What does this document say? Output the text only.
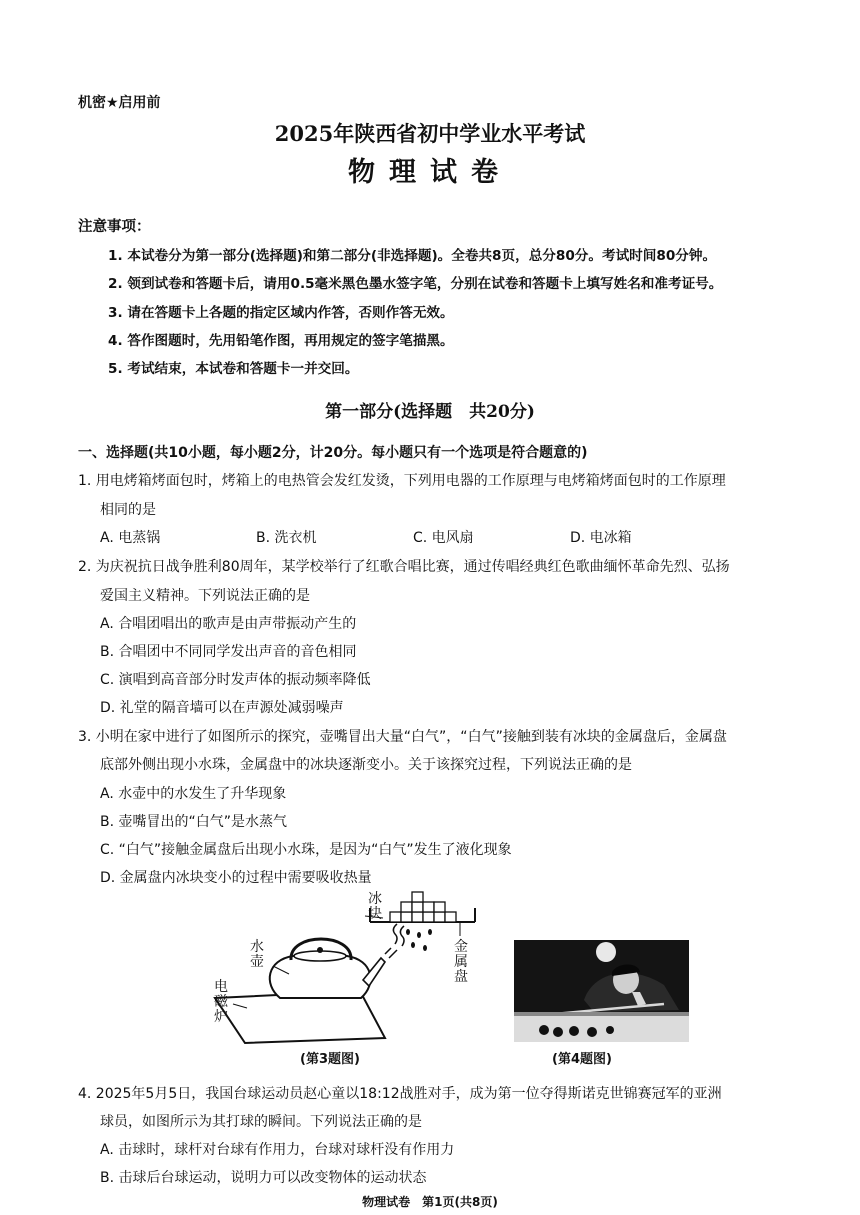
机密★启用前
2025年陕西省初中学业水平考试
物理试卷
注意事项：
1. 本试卷分为第一部分(选择题)和第二部分(非选择题)。全卷共8页，总分80分。考试时间80分钟。
2. 领到试卷和答题卡后，请用0.5毫米黑色墨水签字笔，分别在试卷和答题卡上填写姓名和准考证号。
3. 请在答题卡上各题的指定区域内作答，否则作答无效。
4. 答作图题时，先用铅笔作图，再用规定的签字笔描黑。
5. 考试结束，本试卷和答题卡一并交回。
第一部分(选择题　共20分)
一、选择题(共10小题，每小题2分，计20分。每小题只有一个选项是符合题意的)
1. 用电烤箱烤面包时，烤箱上的电热管会发红发烫，下列用电器的工作原理与电烤箱烤面包时的工作原理
相同的是
A. 电蒸锅	B. 洗衣机	C. 电风扇	D. 电冰箱
2. 为庆祝抗日战争胜利80周年，某学校举行了红歌合唱比赛，通过传唱经典红色歌曲缅怀革命先烈、弘扬
爱国主义精神。下列说法正确的是
A. 合唱团唱出的歌声是由声带振动产生的
B. 合唱团中不同同学发出声音的音色相同
C. 演唱到高音部分时发声体的振动频率降低
D. 礼堂的隔音墙可以在声源处减弱噪声
3. 小明在家中进行了如图所示的探究，壶嘴冒出大量“白气”，“白气”接触到装有冰块的金属盘后，金属盘
底部外侧出现小水珠，金属盘中的冰块逐渐变小。关于该探究过程，下列说法正确的是
A. 水壶中的水发生了升华现象
B. 壶嘴冒出的“白气”是水蒸气
C. “白气”接触金属盘后出现小水珠，是因为“白气”发生了液化现象
D. 金属盘内冰块变小的过程中需要吸收热量
冰块
水壶
电磁炉
金属盘
(第3题图)	(第4题图)
4. 2025年5月5日，我国台球运动员赵心童以18:12战胜对手，成为第一位夺得斯诺克世锦赛冠军的亚洲
球员，如图所示为其打球的瞬间。下列说法正确的是
A. 击球时，球杆对台球有作用力，台球对球杆没有作用力
B. 击球后台球运动，说明力可以改变物体的运动状态
物理试卷　第1页(共8页)
